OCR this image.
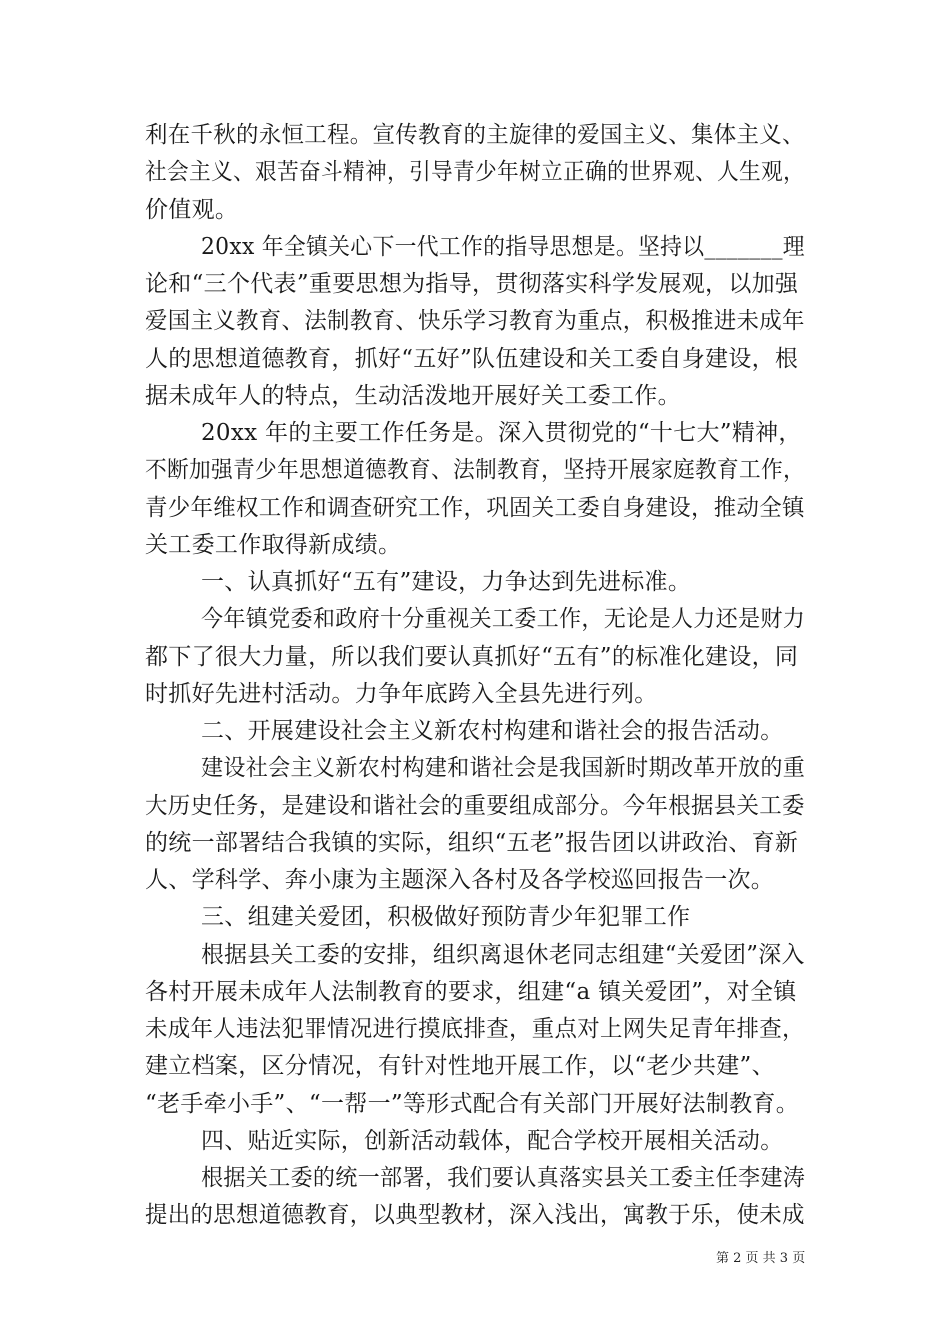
利在千秋的永恒工程。宣传教育的主旋律的爱国主义、集体主义、
社会主义、艰苦奋斗精神，引导青少年树立正确的世界观、人生观，
价值观。
20xx 年全镇关心下一代工作的指导思想是。坚持以_______理
论和“三个代表”重要思想为指导，贯彻落实科学发展观，以加强
爱国主义教育、法制教育、快乐学习教育为重点，积极推进未成年
人的思想道德教育，抓好“五好”队伍建设和关工委自身建设，根
据未成年人的特点，生动活泼地开展好关工委工作。
20xx 年的主要工作任务是。深入贯彻党的“十七大”精神，
不断加强青少年思想道德教育、法制教育，坚持开展家庭教育工作，
青少年维权工作和调查研究工作，巩固关工委自身建设，推动全镇
关工委工作取得新成绩。
一、认真抓好“五有”建设，力争达到先进标准。
今年镇党委和政府十分重视关工委工作，无论是人力还是财力
都下了很大力量，所以我们要认真抓好“五有”的标准化建设，同
时抓好先进村活动。力争年底跨入全县先进行列。
二、开展建设社会主义新农村构建和谐社会的报告活动。
建设社会主义新农村构建和谐社会是我国新时期改革开放的重
大历史任务，是建设和谐社会的重要组成部分。今年根据县关工委
的统一部署结合我镇的实际，组织“五老”报告团以讲政治、育新
人、学科学、奔小康为主题深入各村及各学校巡回报告一次。
三、组建关爱团，积极做好预防青少年犯罪工作
根据县关工委的安排，组织离退休老同志组建“关爱团”深入
各村开展未成年人法制教育的要求，组建“a 镇关爱团”，对全镇
未成年人违法犯罪情况进行摸底排查，重点对上网失足青年排查，
建立档案，区分情况，有针对性地开展工作，以“老少共建”、
“老手牵小手”、“一帮一”等形式配合有关部门开展好法制教育。
四、贴近实际，创新活动载体，配合学校开展相关活动。
根据关工委的统一部署，我们要认真落实县关工委主任李建涛
提出的思想道德教育，以典型教材，深入浅出，寓教于乐，使未成
第 2 页 共 3 页
